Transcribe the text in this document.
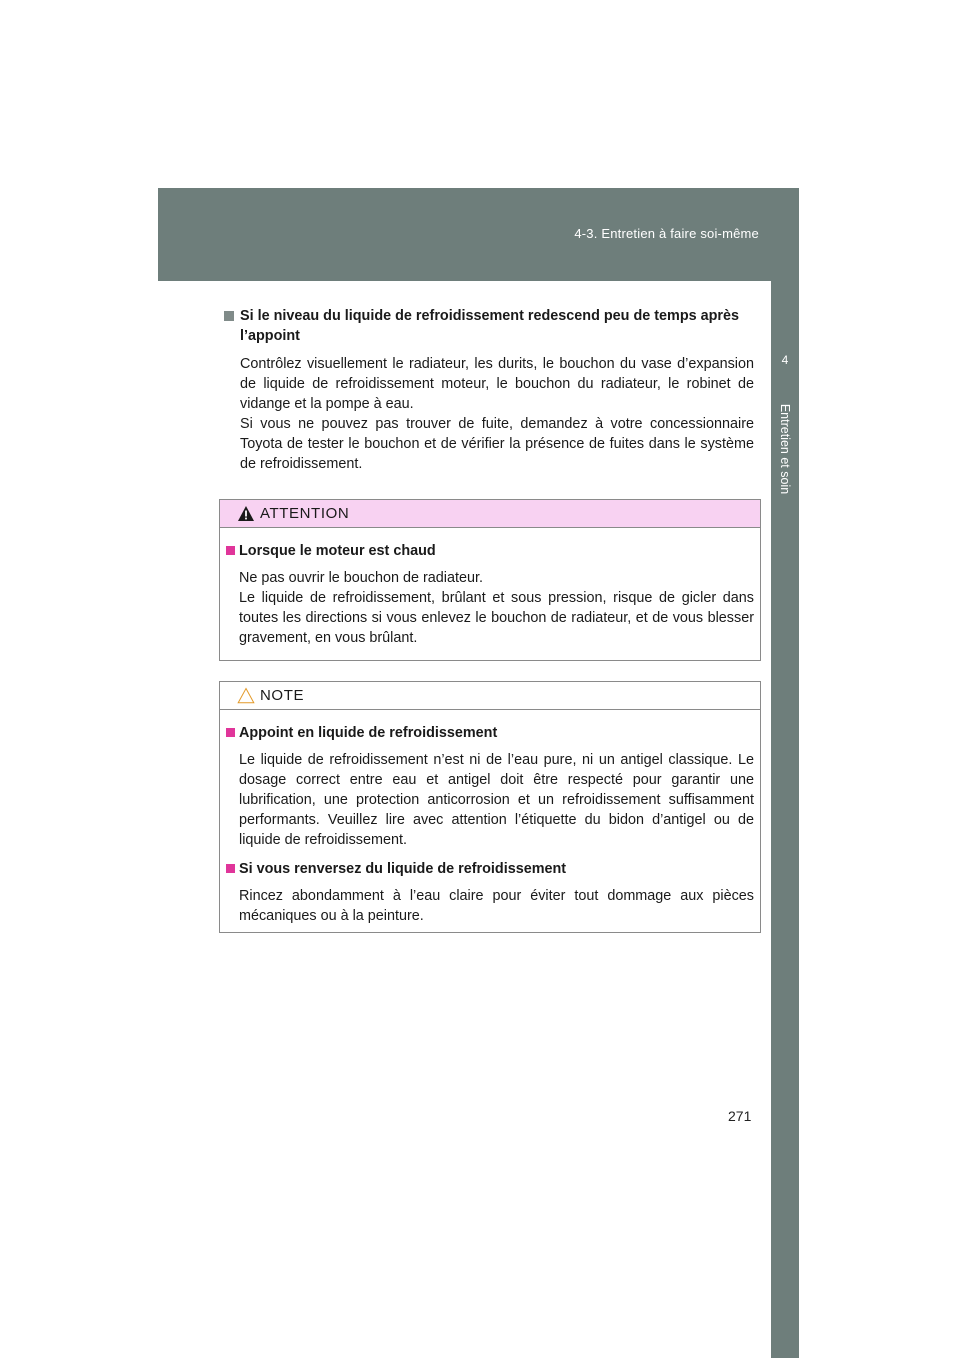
4-3. Entretien à faire soi-même
4
Entretien et soin
Si le niveau du liquide de refroidissement redescend peu de temps après l’appoint
Contrôlez visuellement le radiateur, les durits, le bouchon du vase d’expansion de liquide de refroidissement moteur, le bouchon du radiateur, le robinet de vidange et la pompe à eau.
Si vous ne pouvez pas trouver de fuite, demandez à votre concessionnaire Toyota de tester le bouchon et de vérifier la présence de fuites dans le système de refroidissement.
ATTENTION
Lorsque le moteur est chaud
Ne pas ouvrir le bouchon de radiateur.
Le liquide de refroidissement, brûlant et sous pression, risque de gicler dans toutes les directions si vous enlevez le bouchon de radiateur, et de vous blesser gravement, en vous brûlant.
NOTE
Appoint en liquide de refroidissement
Le liquide de refroidissement n’est ni de l’eau pure, ni un antigel classique. Le dosage correct entre eau et antigel doit être respecté pour garantir une lubrification, une protection anticorrosion et un refroidissement suffisamment performants. Veuillez lire avec attention l’étiquette du bidon d’antigel ou de liquide de refroidissement.
Si vous renversez du liquide de refroidissement
Rincez abondamment à l’eau claire pour éviter tout dommage aux pièces mécaniques ou à la peinture.
271
